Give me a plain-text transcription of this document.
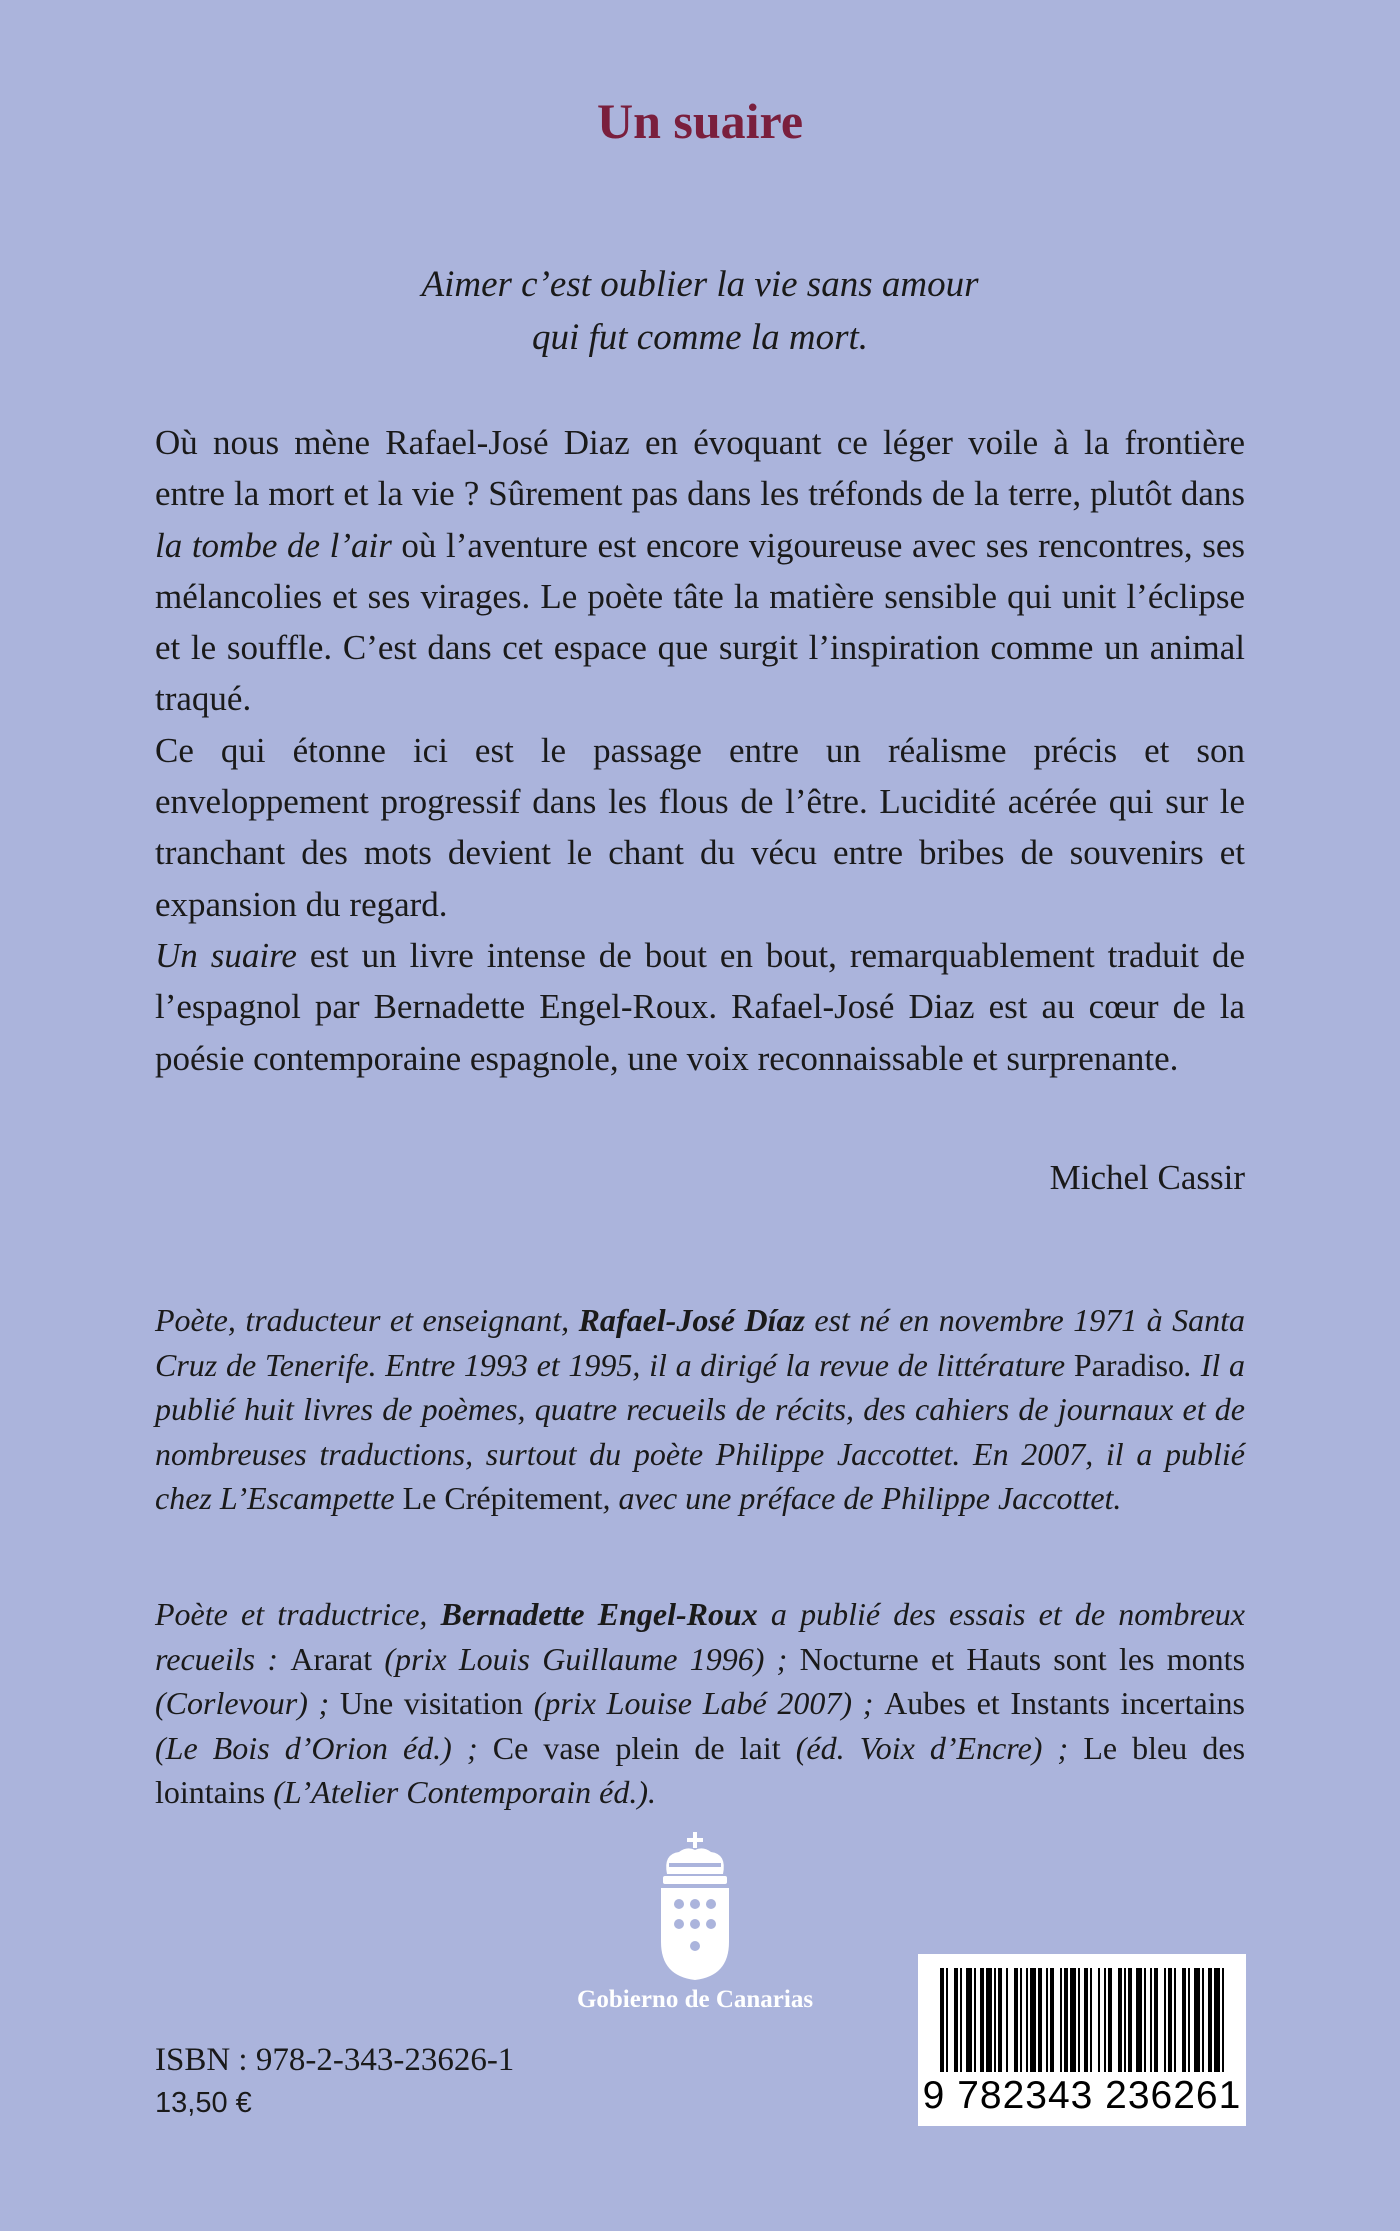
Un suaire
Aimer c’est oublier la vie sans amour
qui fut comme la mort.

Où nous mène Rafael-José Diaz en évoquant ce léger voile à la frontière entre la mort et la vie ? Sûrement pas dans les tréfonds de la terre, plutôt dans la tombe de l’air où l’aventure est encore vigoureuse avec ses rencontres, ses mélancolies et ses virages. Le poète tâte la matière sensible qui unit l’éclipse et le souffle. C’est dans cet espace que surgit l’inspiration comme un animal traqué.

Ce qui étonne ici est le passage entre un réalisme précis et son enveloppement progressif dans les flous de l’être. Lucidité acérée qui sur le tranchant des mots devient le chant du vécu entre bribes de souvenirs et expansion du regard.

Un suaire est un livre intense de bout en bout, remarquablement traduit de l’espagnol par Bernadette Engel-Roux. Rafael-José Diaz est au cœur de la poésie contemporaine espagnole, une voix reconnaissable et surprenante.

Michel Cassir
Poète, traducteur et enseignant, Rafael-José Díaz est né en novembre 1971 à Santa Cruz de Tenerife. Entre 1993 et 1995, il a dirigé la revue de littérature Paradiso. Il a publié huit livres de poèmes, quatre recueils de récits, des cahiers de journaux et de nombreuses traductions, surtout du poète Philippe Jaccottet. En 2007, il a publié chez L’Escampette Le Crépitement, avec une préface de Philippe Jaccottet.
Poète et traductrice, Bernadette Engel-Roux a publié des essais et de nombreux recueils : Ararat (prix Louis Guillaume 1996) ; Nocturne et Hauts sont les monts (Corlevour) ; Une visitation (prix Louise Labé 2007) ; Aubes et Instants incertains (Le Bois d’Orion éd.) ; Ce vase plein de lait (éd. Voix d’Encre) ; Le bleu des lointains (L’Atelier Contemporain éd.).
Gobierno de Canarias
ISBN : 978-2-343-23626-1
13,50 €	9 782343 236261
